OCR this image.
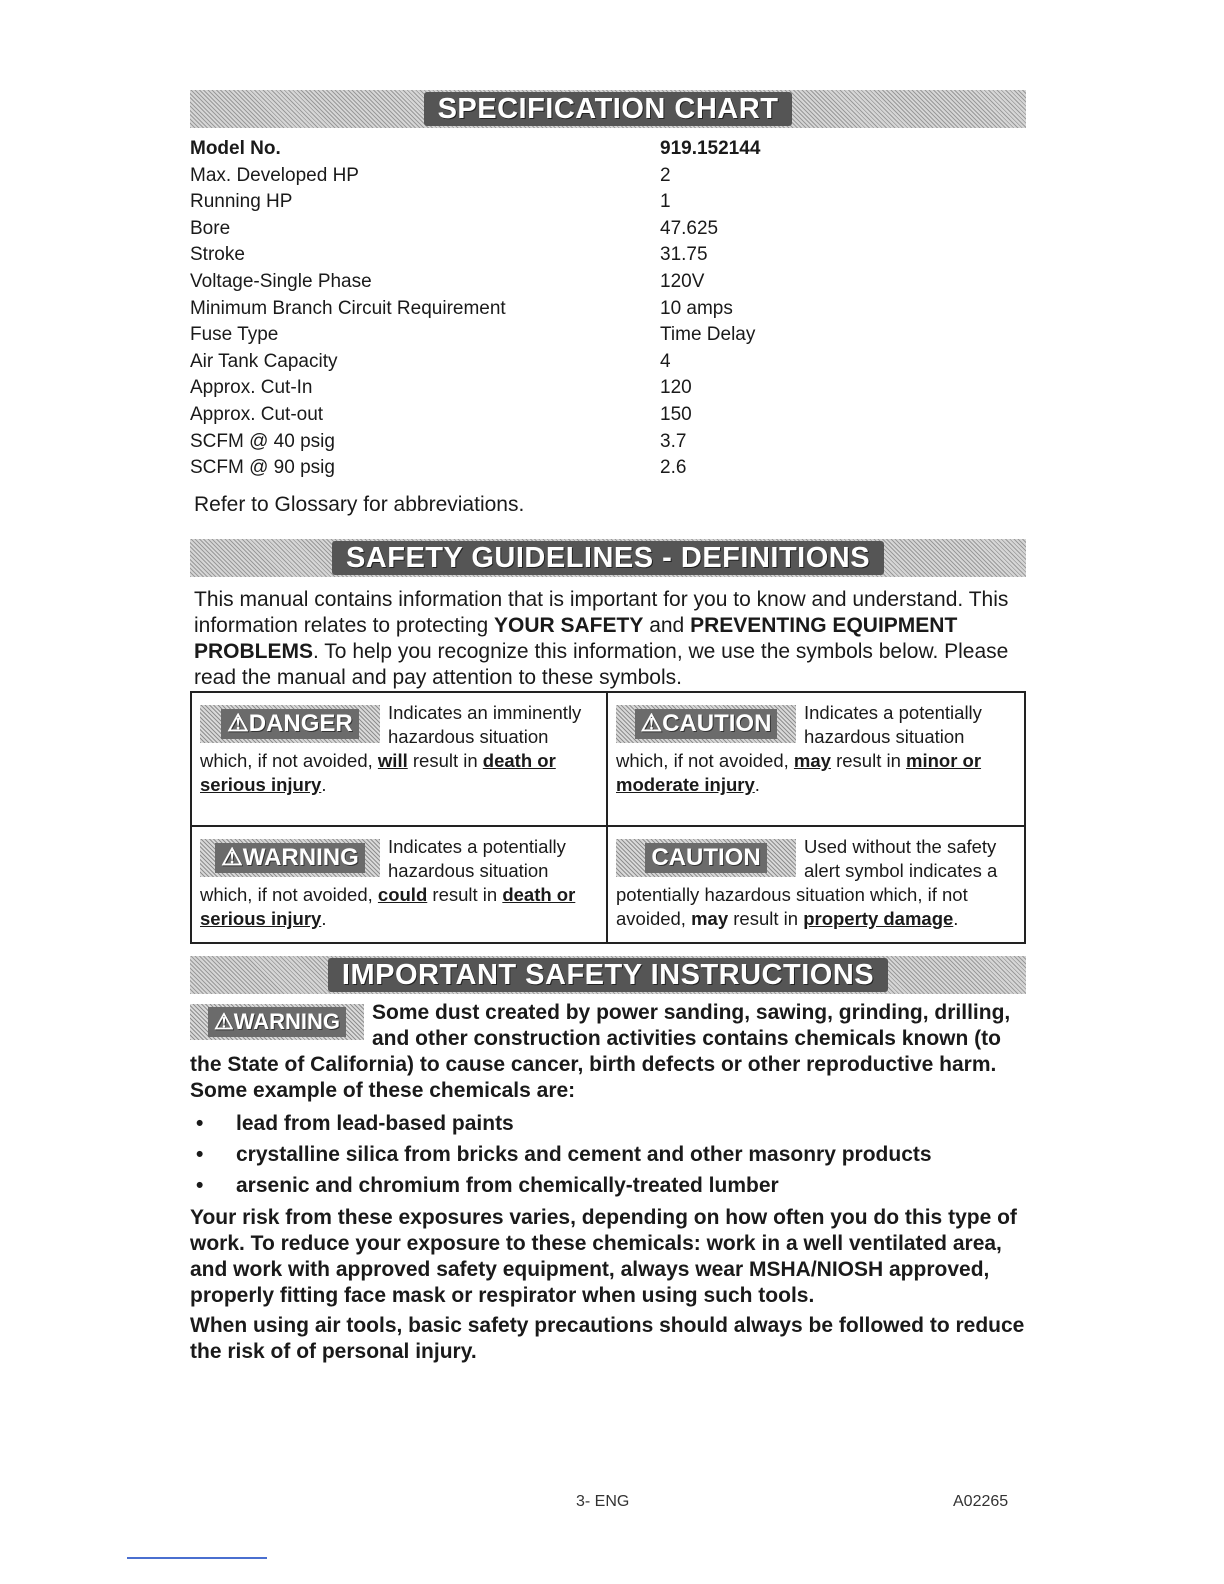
SPECIFICATION CHART
Model No.	919.152144
Max. Developed HP	2
Running HP	1
Bore	47.625
Stroke	31.75
Voltage-Single Phase	120V
Minimum Branch Circuit Requirement	10 amps
Fuse Type	Time Delay
Air Tank Capacity	4
Approx. Cut-In	120
Approx. Cut-out	150
SCFM @ 40 psig	3.7
SCFM @ 90 psig	2.6
Refer to Glossary for abbreviations.
SAFETY GUIDELINES - DEFINITIONS
This manual contains information that is important for you to know and understand. This information relates to protecting YOUR SAFETY and PREVENTING EQUIPMENT PROBLEMS. To help you recognize this information, we use the symbols below. Please read the manual and pay attention to these symbols.
⚠DANGER	Indicates an imminently hazardous situation which, if not avoided, will result in death or serious injury.
⚠CAUTION	Indicates a potentially hazardous situation which, if not avoided, may result in minor or moderate injury.
⚠WARNING	Indicates a potentially hazardous situation which, if not avoided, could result in death or serious injury.
CAUTION	Used without the safety alert symbol indicates a potentially hazardous situation which, if not avoided, may result in property damage.
IMPORTANT SAFETY INSTRUCTIONS
⚠WARNING Some dust created by power sanding, sawing, grinding, drilling, and other construction activities contains chemicals known (to the State of California) to cause cancer, birth defects or other reproductive harm. Some example of these chemicals are:
• lead from lead-based paints
• crystalline silica from bricks and cement and other masonry products
• arsenic and chromium from chemically-treated lumber
Your risk from these exposures varies, depending on how often you do this type of work. To reduce your exposure to these chemicals: work in a well ventilated area, and work with approved safety equipment, always wear MSHA/NIOSH approved, properly fitting face mask or respirator when using such tools.
When using air tools, basic safety precautions should always be followed to reduce the risk of of personal injury.
3- ENG	A02265
